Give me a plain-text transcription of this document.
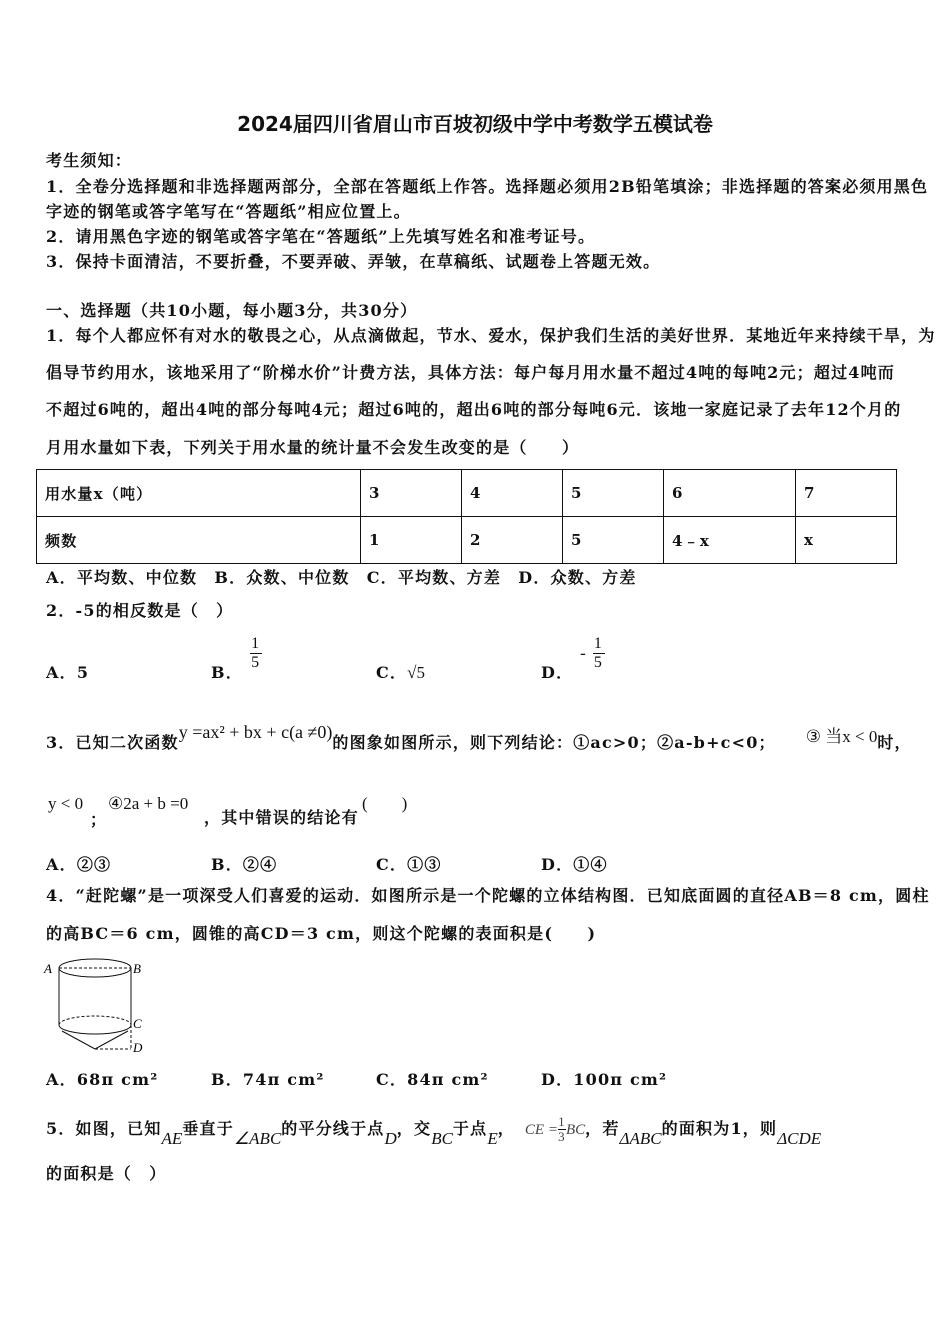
2024届四川省眉山市百坡初级中学中考数学五模试卷
考生须知：
1．全卷分选择题和非选择题两部分，全部在答题纸上作答。选择题必须用2B铅笔填涂；非选择题的答案必须用黑色
字迹的钢笔或答字笔写在“答题纸”相应位置上。
2．请用黑色字迹的钢笔或答字笔在“答题纸”上先填写姓名和准考证号。
3．保持卡面清洁，不要折叠，不要弄破、弄皱，在草稿纸、试题卷上答题无效。
一、选择题（共10小题，每小题3分，共30分）
1．每个人都应怀有对水的敬畏之心，从点滴做起，节水、爱水，保护我们生活的美好世界．某地近年来持续干旱，为
倡导节约用水，该地采用了“阶梯水价”计费方法，具体方法：每户每月用水量不超过4吨的每吨2元；超过4吨而
不超过6吨的，超出4吨的部分每吨4元；超过6吨的，超出6吨的部分每吨6元．该地一家庭记录了去年12个月的
月用水量如下表，下列关于用水量的统计量不会发生改变的是（　　）
用水量x（吨）	3	4	5	6	7
频数	1	2	5	4﹣x	x
A．平均数、中位数　B．众数、中位数　C．平均数、方差　D．众数、方差
2．-5的相反数是（　）
A．5	B．
$\frac{1}{5}$
C．√5	D． - $\frac{1}{5}$
3．已知二次函数y =ax² + bx + c(a ≠0)的图象如图所示，则下列结论：①ac>0；②a-b+c<0； ③ 当x < 0时，
y < 0
；
④2a + b =0
，其中错误的结论有
(　　)
A．②③	B．②④	C．①③	D．①④
4．“赶陀螺”是一项深受人们喜爱的运动．如图所示是一个陀螺的立体结构图．已知底面圆的直径AB＝8 cm，圆柱
的高BC＝6 cm，圆锥的高CD＝3 cm，则这个陀螺的表面积是(　　)
A	B
C
D
A．68π cm²	B．74π cm²	C．84π cm²	D．100π cm²
5．如图，已知AE垂直于∠ABC的平分线于点D，交BC于点E， CE = $\frac{1}{3}$ BC，若ΔABC的面积为1，则ΔCDE
的面积是（　）
